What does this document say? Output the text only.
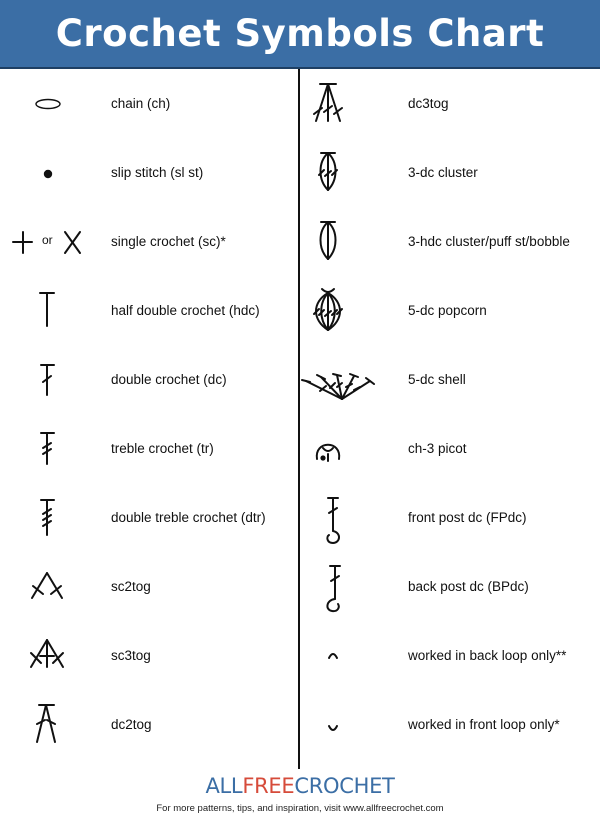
Crochet Symbols Chart
chain (ch)
slip stitch (sl st)
or	single crochet (sc)*
half double crochet (hdc)
double crochet (dc)
treble crochet (tr)
double treble crochet (dtr)
sc2tog
sc3tog
dc2tog
dc3tog
3-dc cluster
3-hdc cluster/puff st/bobble
5-dc popcorn
5-dc shell
ch-3 picot
front post dc (FPdc)
back post dc (BPdc)
worked in back loop only**
worked in front loop only*
ALLFREECROCHET
For more patterns, tips, and inspiration, visit www.allfreecrochet.com
